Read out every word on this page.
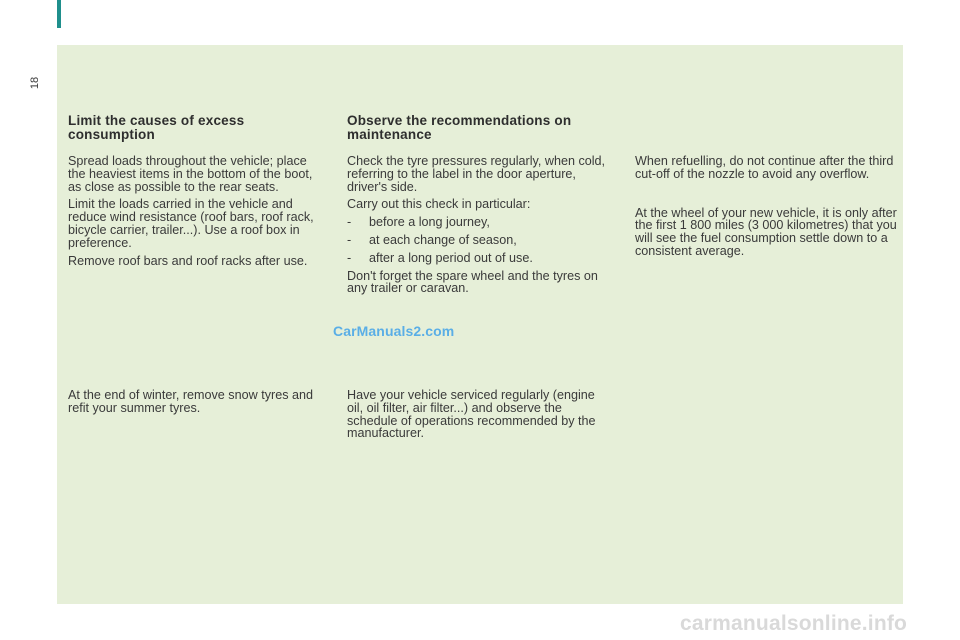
18
Limit the causes of excess consumption

Spread loads throughout the vehicle; place the heaviest items in the bottom of the boot, as close as possible to the rear seats.

Limit the loads carried in the vehicle and reduce wind resistance (roof bars, roof rack, bicycle carrier, trailer...). Use a roof box in preference.

Remove roof bars and roof racks after use.

At the end of winter, remove snow tyres and refit your summer tyres.

Observe the recommendations on maintenance

Check the tyre pressures regularly, when cold, referring to the label in the door aperture, driver's side.

Carry out this check in particular:

-	before a long journey,
-	at each change of season,
-	after a long period out of use.

Don't forget the spare wheel and the tyres on any trailer or caravan.

Have your vehicle serviced regularly (engine oil, oil filter, air filter...) and observe the schedule of operations recommended by the manufacturer.

When refuelling, do not continue after the third cut-off of the nozzle to avoid any overflow.

At the wheel of your new vehicle, it is only after the first 1 800 miles (3 000 kilometres) that you will see the fuel consumption settle down to a consistent average.

CarManuals2.com
carmanualsonline.info
